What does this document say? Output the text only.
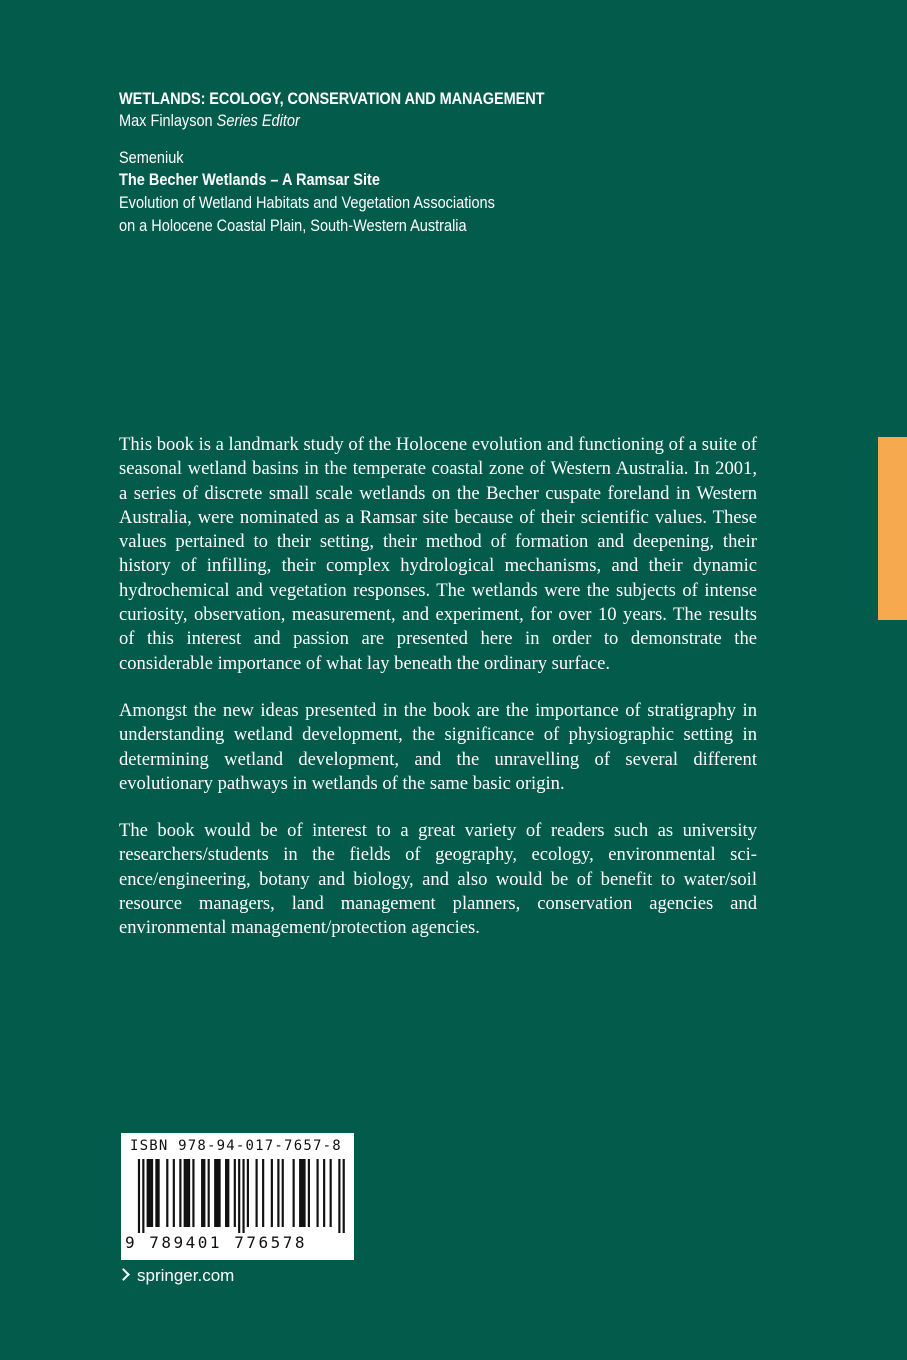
WETLANDS: ECOLOGY, CONSERVATION AND MANAGEMENT
Max Finlayson Series Editor
Semeniuk
The Becher Wetlands – A Ramsar Site
Evolution of Wetland Habitats and Vegetation Associations
on a Holocene Coastal Plain, South-Western Australia

This book is a landmark study of the Holocene evolution and functioning of a suite of seasonal wetland basins in the temperate coastal zone of Western Australia. In 2001, a series of discrete small scale wetlands on the Becher cuspate foreland in Western Australia, were nominated as a Ramsar site because of their scientific values. These values pertained to their setting, their method of formation and deepening, their history of infilling, their complex hydrological mechanisms, and their dynamic hydrochemical and vegetation responses. The wetlands were the subjects of intense curiosity, observation, measurement, and experiment, for over 10 years. The results of this interest and passion are presented here in order to demonstrate the considerable importance of what lay beneath the ordinary surface.

Amongst the new ideas presented in the book are the importance of stratigraphy in understanding wetland development, the significance of physiographic setting in determining wetland development, and the unravelling of several different evolutionary pathways in wetlands of the same basic origin.

The book would be of interest to a great variety of readers such as university researchers/students in the fields of geography, ecology, environmental science/engineering, botany and biology, and also would be of benefit to water/​soil resource managers, land management planners, conservation agencies and environmental management/protection agencies.

ISBN 978-94-017-7657-8
9 789401 776578
springer.com
